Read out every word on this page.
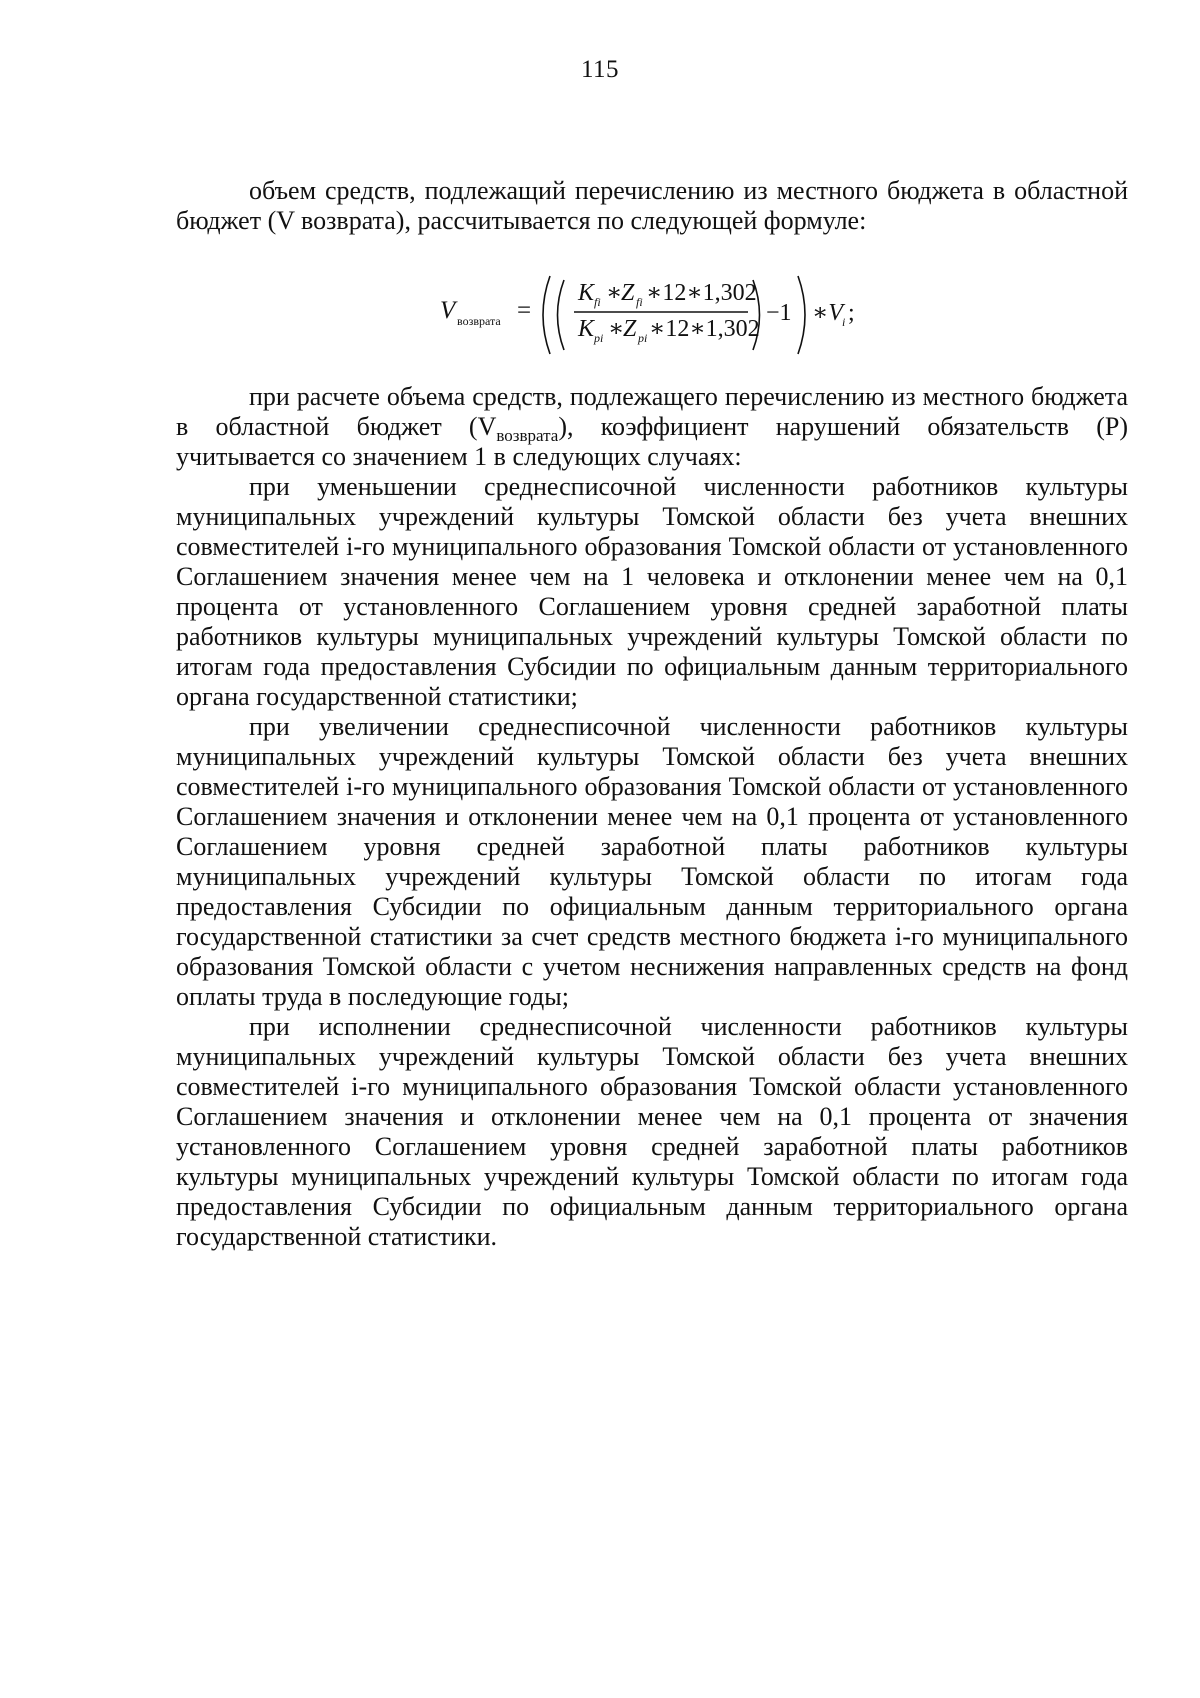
115

объем средств, подлежащий перечислению из местного бюджета в областной бюджет (V возврата), рассчитывается по следующей формуле:

V возврата =
K fi ∗
Z fi ∗12∗1,302
K pi ∗
Z pi ∗12∗1,302
−1 ∗V i ;

при расчете объема средств, подлежащего перечислению из местного бюджета в областной бюджет $(V_{возврата})$, коэффициент нарушений обязательств (P) учитывается со значением 1 в следующих случаях:

при уменьшении среднесписочной численности работников культуры муниципальных учреждений культуры Томской области без учета внешних совместителей i-го муниципального образования Томской области от установленного Соглашением значения менее чем на 1 человека и отклонении менее чем на 0,1 процента от установленного Соглашением уровня средней заработной платы работников культуры муниципальных учреждений культуры Томской области по итогам года предоставления Субсидии по официальным данным территориального органа государственной статистики;

при увеличении среднесписочной численности работников культуры муниципальных учреждений культуры Томской области без учета внешних совместителей i-го муниципального образования Томской области от установленного Соглашением значения и отклонении менее чем на 0,1 процента от установленного Соглашением уровня средней заработной платы работников культуры муниципальных учреждений культуры Томской области по итогам года предоставления Субсидии по официальным данным территориального органа государственной статистики за счет средств местного бюджета i-го муниципального образования Томской области с учетом неснижения направленных средств на фонд оплаты труда в последующие годы;

при исполнении среднесписочной численности работников культуры муниципальных учреждений культуры Томской области без учета внешних совместителей i-го муниципального образования Томской области установленного Соглашением значения и отклонении менее чем на 0,1 процента от значения установленного Соглашением уровня средней заработной платы работников культуры муниципальных учреждений культуры Томской области по итогам года предоставления Субсидии по официальным данным территориального органа государственной статистики.
